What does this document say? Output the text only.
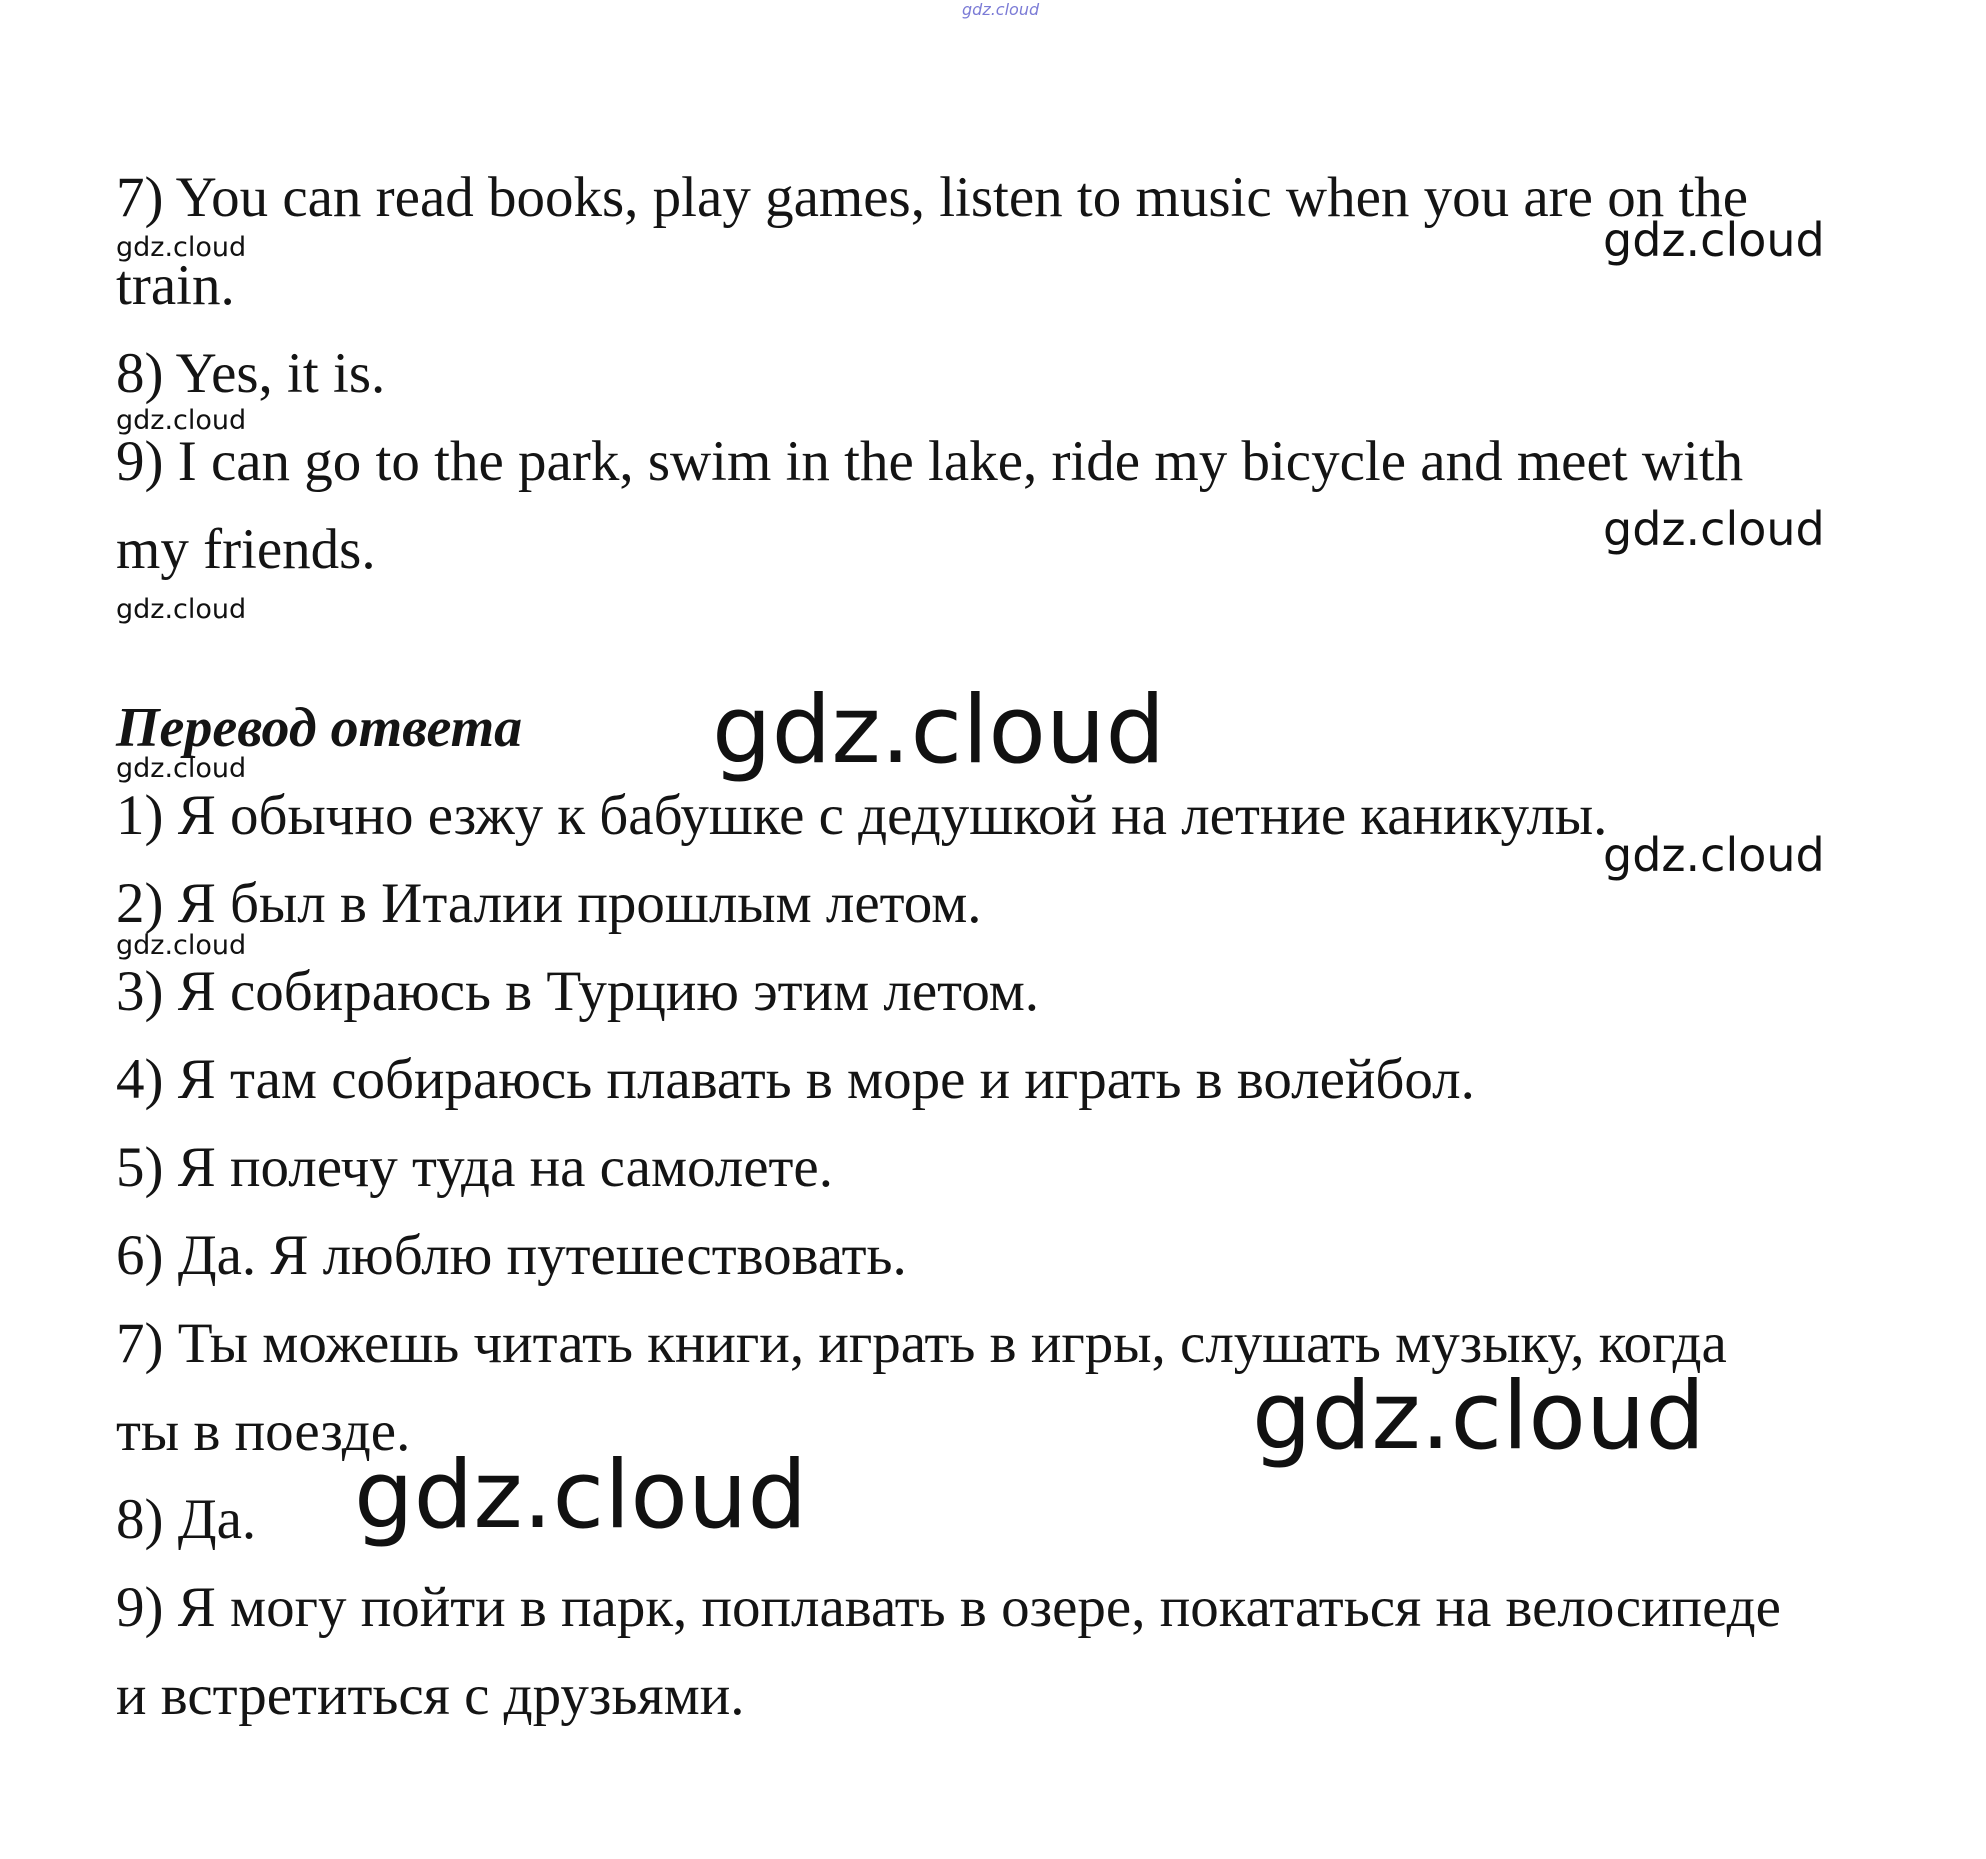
gdz.cloud

7) You can read books, play games, listen to music when you are on the

train.

8) Yes, it is.

9) I can go to the park, swim in the lake, ride my bicycle and meet with

my friends.

Перевод ответа

1) Я обычно езжу к бабушке с дедушкой на летние каникулы.

2) Я был в Италии прошлым летом.

3) Я собираюсь в Турцию этим летом.

4) Я там собираюсь плавать в море и играть в волейбол.

5) Я полечу туда на самолете.

6) Да. Я люблю путешествовать.

7) Ты можешь читать книги, играть в игры, слушать музыку, когда

ты в поезде.

8) Да.

9) Я могу пойти в парк, поплавать в озере, покататься на велосипеде

и встретиться с друзьями.

gdz.cloud
gdz.cloud
gdz.cloud
gdz.cloud
gdz.cloud
gdz.cloud
gdz.cloud
gdz.cloud
gdz.cloud
gdz.cloud
gdz.cloud
